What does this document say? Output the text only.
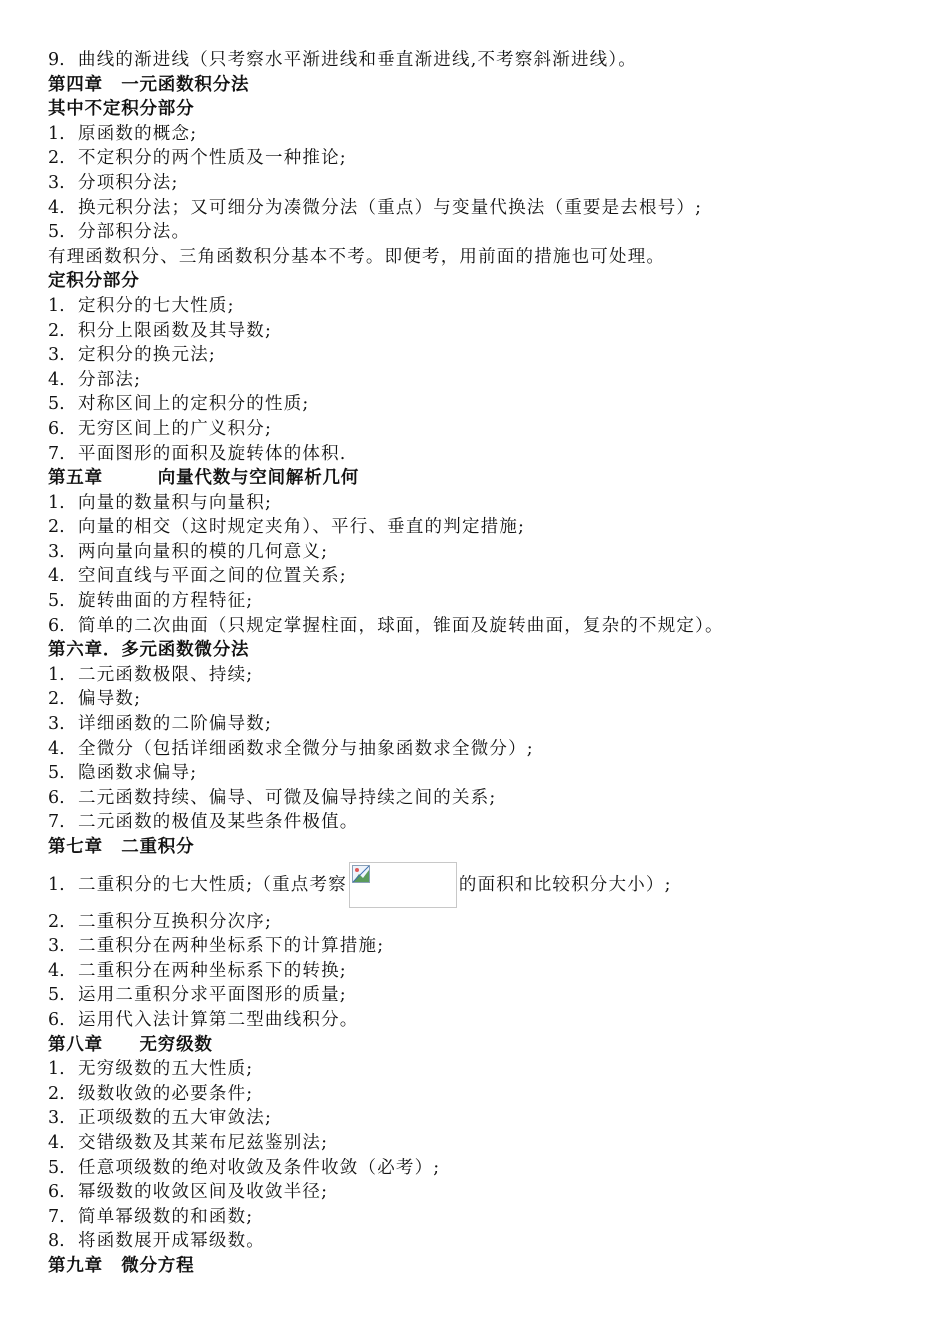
9. 曲线的渐进线（只考察水平渐进线和垂直渐进线,不考察斜渐进线）。
第四章　一元函数积分法
其中不定积分部分
1. 原函数的概念;
2. 不定积分的两个性质及一种推论;
3. 分项积分法;
4. 换元积分法；又可细分为凑微分法（重点）与变量代换法（重要是去根号）;
5. 分部积分法。
有理函数积分、三角函数积分基本不考。即便考，用前面的措施也可处理。
定积分部分
1. 定积分的七大性质;
2. 积分上限函数及其导数;
3. 定积分的换元法;
4. 分部法;
5. 对称区间上的定积分的性质;
6. 无穷区间上的广义积分;
7. 平面图形的面积及旋转体的体积.
第五章　　　向量代数与空间解析几何
1. 向量的数量积与向量积;
2. 向量的相交（这时规定夹角）、平行、垂直的判定措施;
3. 两向量向量积的模的几何意义;
4. 空间直线与平面之间的位置关系;
5. 旋转曲面的方程特征;
6. 简单的二次曲面（只规定掌握柱面，球面，锥面及旋转曲面，复杂的不规定）。
第六章．多元函数微分法
1. 二元函数极限、持续;
2. 偏导数;
3. 详细函数的二阶偏导数;
4. 全微分（包括详细函数求全微分与抽象函数求全微分）;
5. 隐函数求偏导;
6. 二元函数持续、偏导、可微及偏导持续之间的关系;
7. 二元函数的极值及某些条件极值。
第七章　二重积分
1. 二重积分的七大性质;（重点考察	的面积和比较积分大小）;
2. 二重积分互换积分次序;
3. 二重积分在两种坐标系下的计算措施;
4. 二重积分在两种坐标系下的转换;
5. 运用二重积分求平面图形的质量;
6. 运用代入法计算第二型曲线积分。
第八章　　无穷级数
1. 无穷级数的五大性质;
2. 级数收敛的必要条件;
3. 正项级数的五大审敛法;
4. 交错级数及其莱布尼兹鉴别法;
5. 任意项级数的绝对收敛及条件收敛（必考）;
6. 幂级数的收敛区间及收敛半径;
7. 简单幂级数的和函数;
8. 将函数展开成幂级数。
第九章　微分方程
